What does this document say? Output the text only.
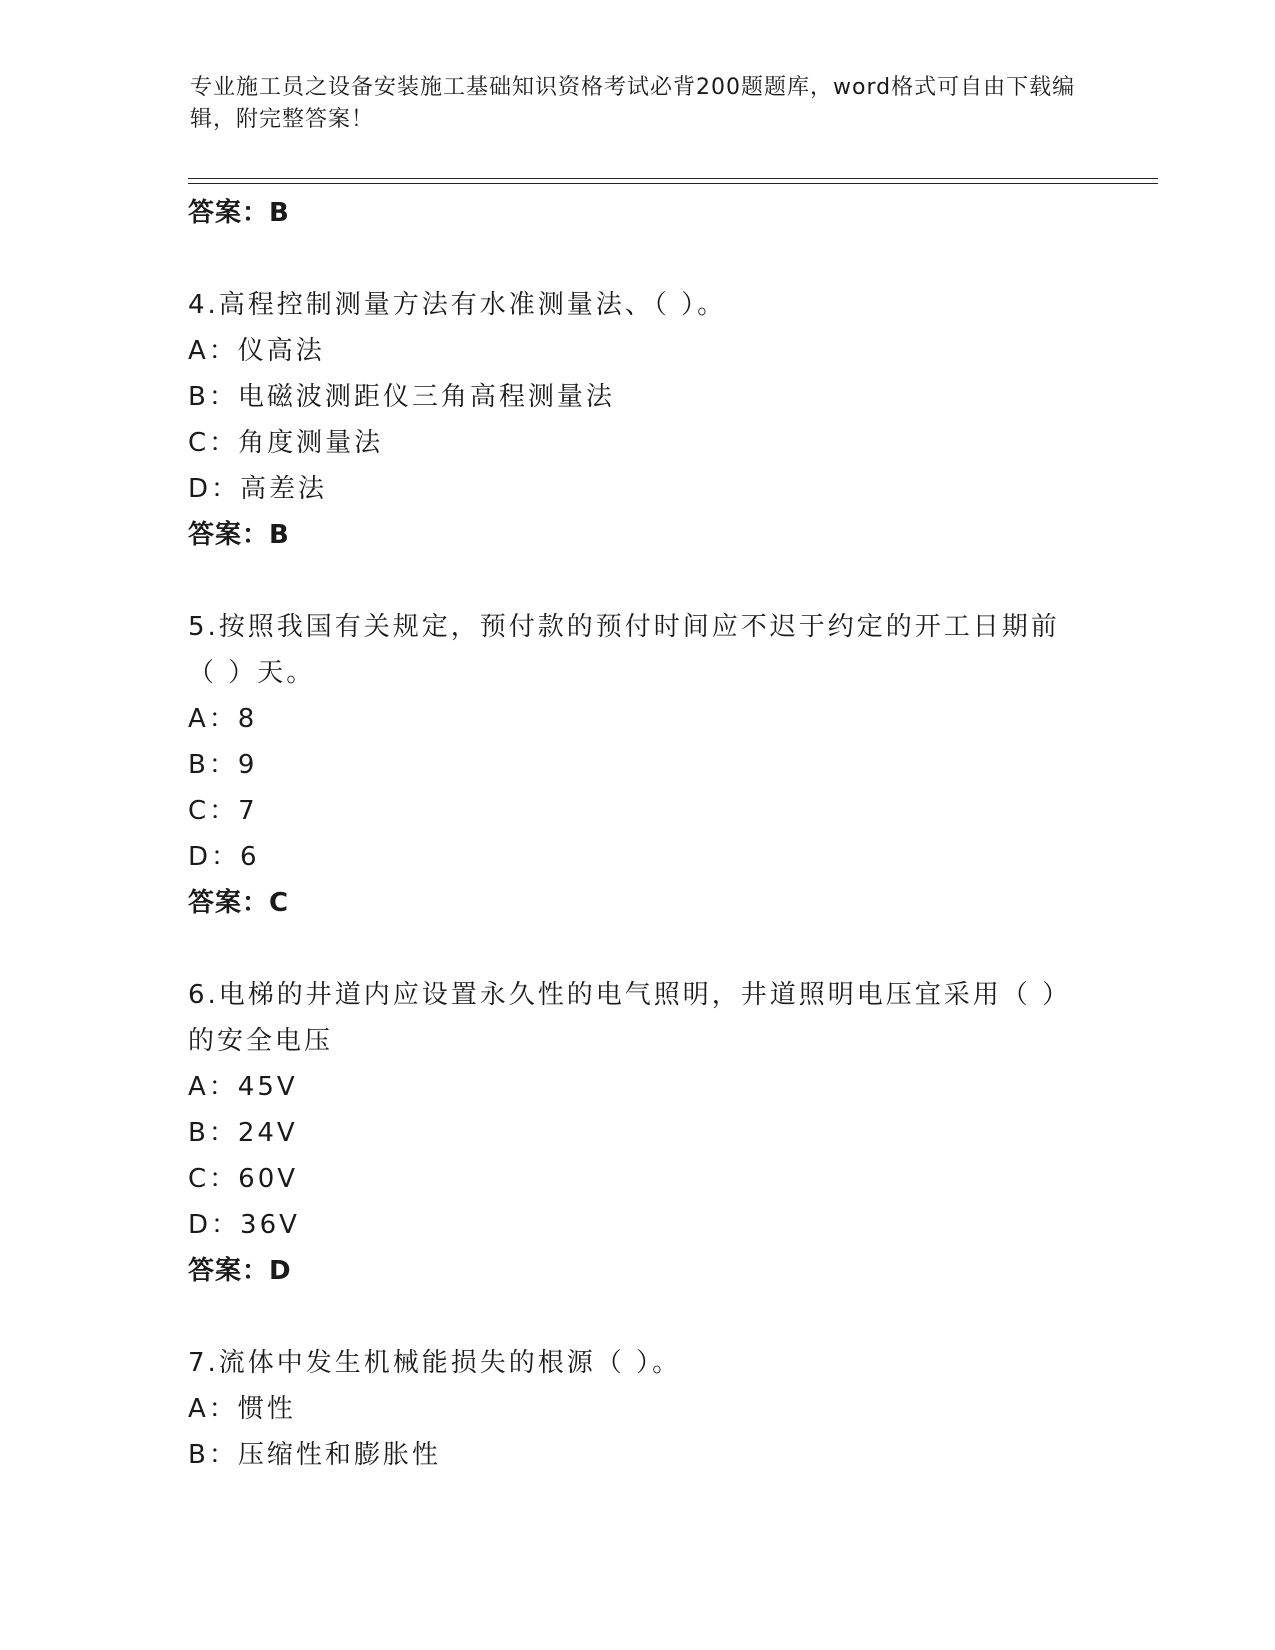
专业施工员之设备安装施工基础知识资格考试必背200题题库，word格式可自由下载编辑，附完整答案！
答案：B
4.高程控制测量方法有水准测量法、（ ）。
A：仪高法
B：电磁波测距仪三角高程测量法
C：角度测量法
D：高差法
答案：B
5.按照我国有关规定，预付款的预付时间应不迟于约定的开工日期前（ ）天。
A：8
B：9
C：7
D：6
答案：C
6.电梯的井道内应设置永久性的电气照明，井道照明电压宜采用（ ）的安全电压
A：45V
B：24V
C：60V
D：36V
答案：D
7.流体中发生机械能损失的根源（ ）。
A：惯性
B：压缩性和膨胀性
